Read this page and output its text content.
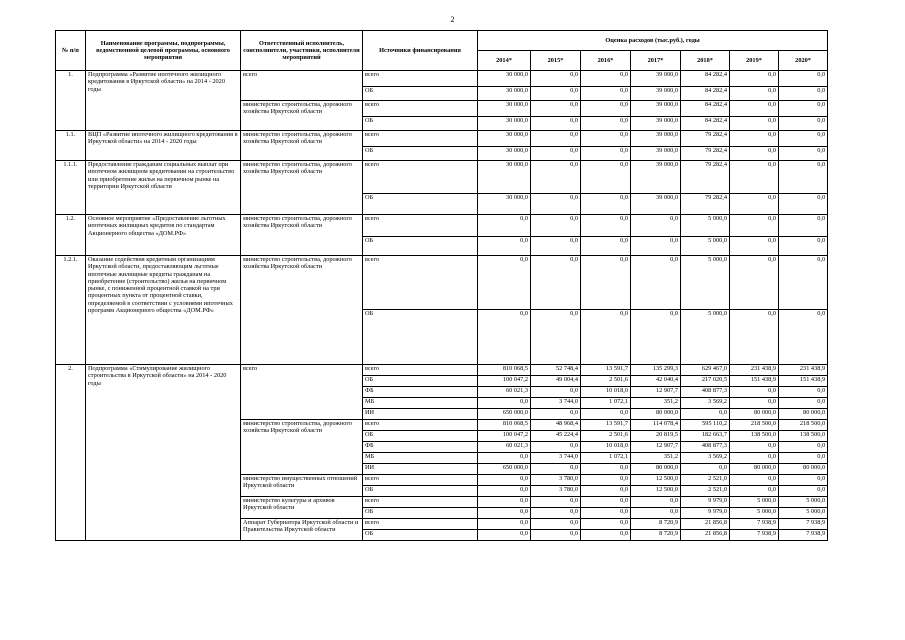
2
№ п/п	Наименование программы, подпрограммы, ведомственной целевой программы, основного мероприятия	Ответственный исполнитель, соисполнители, участники, исполнители мероприятий	Источники финансирования	Оценка расходов (тыс.руб.), годы						
				2014*	2015*	2016*	2017*	2018*	2019*	2020*
1.	Подпрограмма «Развитие ипотечного жилищного кредитования в Иркутской области» на 2014 - 2020 годы	всего	всего	30 000,0	0,0	0,0	39 000,0	84 282,4	0,0	0,0
			ОБ	30 000,0	0,0	0,0	39 000,0	84 282,4	0,0	0,0
		министерство строительства, дорожного хозяйства Иркутской области	всего	30 000,0	0,0	0,0	39 000,0	84 282,4	0,0	0,0
			ОБ	30 000,0	0,0	0,0	39 000,0	84 282,4	0,0	0,0
1.1.	ВЦП «Развитие ипотечного жилищного кредитования в Иркутской области» на 2014 - 2020 годы	министерство строительства, дорожного хозяйства Иркутской области	всего	30 000,0	0,0	0,0	39 000,0	79 282,4	0,0	0,0
			ОБ	30 000,0	0,0	0,0	39 000,0	79 282,4	0,0	0,0
1.1.1.	Предоставление гражданам социальных выплат при ипотечном жилищном кредитовании на строительство или приобретение жилья на первичном рынке на территории Иркутской области	министерство строительства, дорожного хозяйства Иркутской области	всего	30 000,0	0,0	0,0	39 000,0	79 282,4	0,0	0,0
			ОБ	30 000,0	0,0	0,0	39 000,0	79 282,4	0,0	0,0
1.2.	Основное мероприятие «Предоставление льготных ипотечных жилищных кредитов по стандартам Акционерного общества «ДОМ.РФ»	министерство строительства, дорожного хозяйства Иркутской области	всего	0,0	0,0	0,0	0,0	5 000,0	0,0	0,0
			ОБ	0,0	0,0	0,0	0,0	5 000,0	0,0	0,0
1.2.1.	Оказание содействия кредитным организациям Иркутской области, предоставляющим льготные ипотечные жилищные кредиты гражданам на приобретение (строительство) жилья на первичном рынке, с пониженной процентной ставкой на три процентных пункта от процентной ставки, определяемой в соответствии с условиями ипотечных программ Акционерного общества «ДОМ.РФ»	министерство строительства, дорожного хозяйства Иркутской области	всего	0,0	0,0	0,0	0,0	5 000,0	0,0	0,0
			ОБ	0,0	0,0	0,0	0,0	5 000,0	0,0	0,0
2.	Подпрограмма «Стимулирование жилищного строительства в Иркутской области» на 2014 - 2020 годы	всего	всего	810 068,5	52 748,4	13 591,7	135 299,3	629 467,0	231 438,9	231 438,9
			ОБ	100 047,2	49 004,4	2 501,6	42 040,4	217 020,5	151 438,9	151 438,9
			ФБ	60 021,3	0,0	10 018,0	12 907,7	408 877,3	0,0	0,0
			МБ	0,0	3 744,0	1 072,1	351,2	3 569,2	0,0	0,0
			ИИ	650 000,0	0,0	0,0	80 000,0	0,0	80 000,0	80 000,0
		министерство строительства, дорожного хозяйства Иркутской области	всего	810 068,5	48 968,4	13 591,7	114 078,4	595 110,2	218 500,0	218 500,0
			ОБ	100 047,2	45 224,4	2 501,6	20 819,5	182 663,7	138 500,0	138 500,0
			ФБ	60 021,3	0,0	10 018,0	12 907,7	408 877,3	0,0	0,0
			МБ	0,0	3 744,0	1 072,1	351,2	3 569,2	0,0	0,0
			ИИ	650 000,0	0,0	0,0	80 000,0	0,0	80 000,0	80 000,0
		министерство имущественных отношений Иркутской области	всего	0,0	3 780,0	0,0	12 500,0	2 521,0	0,0	0,0
			ОБ	0,0	3 780,0	0,0	12 500,0	2 521,0	0,0	0,0
		министерство культуры и архивов Иркутской области	всего	0,0	0,0	0,0	0,0	9 979,0	5 000,0	5 000,0
			ОБ	0,0	0,0	0,0	0,0	9 979,0	5 000,0	5 000,0
		Аппарат Губернатора Иркутской области и Правительства Иркутской области	всего	0,0	0,0	0,0	8 720,9	21 856,8	7 938,9	7 938,9
			ОБ	0,0	0,0	0,0	8 720,9	21 856,8	7 938,9	7 938,9
